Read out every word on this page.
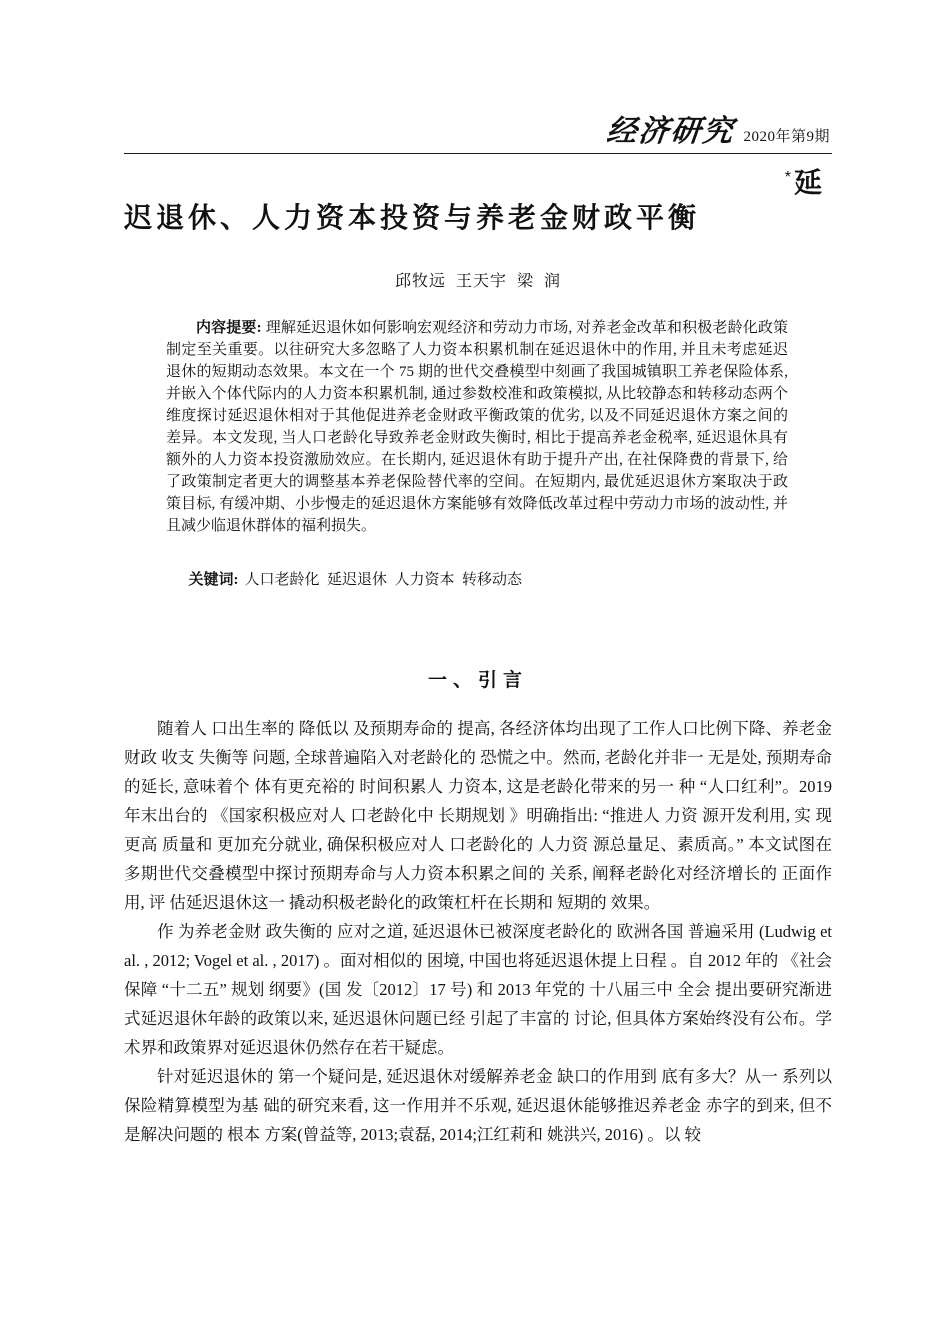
经济研究 2020年第9期
* 延
迟退休、人力资本投资与养老金财政平衡
邱牧远  王天宇  梁  润
内容提要: 理解延迟退休如何影响宏观经济和劳动力市场, 对养老金改革和积极老龄化政策制定至关重要。以往研究大多忽略了人力资本积累机制在延迟退休中的作用, 并且未考虑延迟退休的短期动态效果。本文在一个 75 期的世代交叠模型中刻画了我国城镇职工养老保险体系, 并嵌入个体代际内的人力资本积累机制, 通过参数校准和政策模拟, 从比较静态和转移动态两个维度探讨延迟退休相对于其他促进养老金财政平衡政策的优劣, 以及不同延迟退休方案之间的差异。本文发现, 当人口老龄化导致养老金财政失衡时, 相比于提高养老金税率, 延迟退休具有额外的人力资本投资激励效应。在长期内, 延迟退休有助于提升产出, 在社保降费的背景下, 给了政策制定者更大的调整基本养老保险替代率的空间。在短期内, 最优延迟退休方案取决于政策目标, 有缓冲期、小步慢走的延迟退休方案能够有效降低改革过程中劳动力市场的波动性, 并且减少临退休群体的福利损失。

关键词: 人口老龄化  延迟退休  人力资本  转移动态

一、引言

随着人 口出生率的 降低以 及预期寿命的 提高, 各经济体均出现了工作人口比例下降、养老金财政 收支 失衡等 问题, 全球普遍陷入对老龄化的 恐慌之中。然而, 老龄化并非一 无是处, 预期寿命的延长, 意味着个 体有更充裕的 时间积累人 力资本, 这是老龄化带来的另一 种 “人口红利”。2019 年末出台的 《国家积极应对人 口老龄化中 长期规划 》明确指出: “推进人 力资 源开发利用, 实 现更高 质量和 更加充分就业, 确保积极应对人 口老龄化的 人力资 源总量足、素质高。” 本文试图在多期世代交叠模型中探讨预期寿命与人力资本积累之间的 关系, 阐释老龄化对经济增长的 正面作 用, 评 估延迟退休这一 撬动积极老龄化的政策杠杆在长期和 短期的 效果。

作 为养老金财 政失衡的 应对之道, 延迟退休已被深度老龄化的 欧洲各国 普遍采用 (Ludwig et al. , 2012; Vogel et al. , 2017) 。面对相似的 困境, 中国也将延迟退休提上日程 。自 2012 年的 《社会 保障 “十二五” 规划 纲要》(国 发〔2012〕17 号) 和 2013 年党的 十八届三中 全会 提出要研究渐进式延迟退休年龄的政策以来, 延迟退休问题已经 引起了丰富的 讨论, 但具体方案始终没有公布。学 术界和政策界对延迟退休仍然存在若干疑虑。

针对延迟退休的 第一个疑问是, 延迟退休对缓解养老金 缺口的作用到 底有多大？从一 系列以保险精算模型为基 础的研究来看, 这一作用并不乐观, 延迟退休能够推迟养老金 赤字的到来, 但不是解决问题的 根本 方案(曾益等, 2013;袁磊, 2014;江红莉和 姚洪兴, 2016) 。以 较
